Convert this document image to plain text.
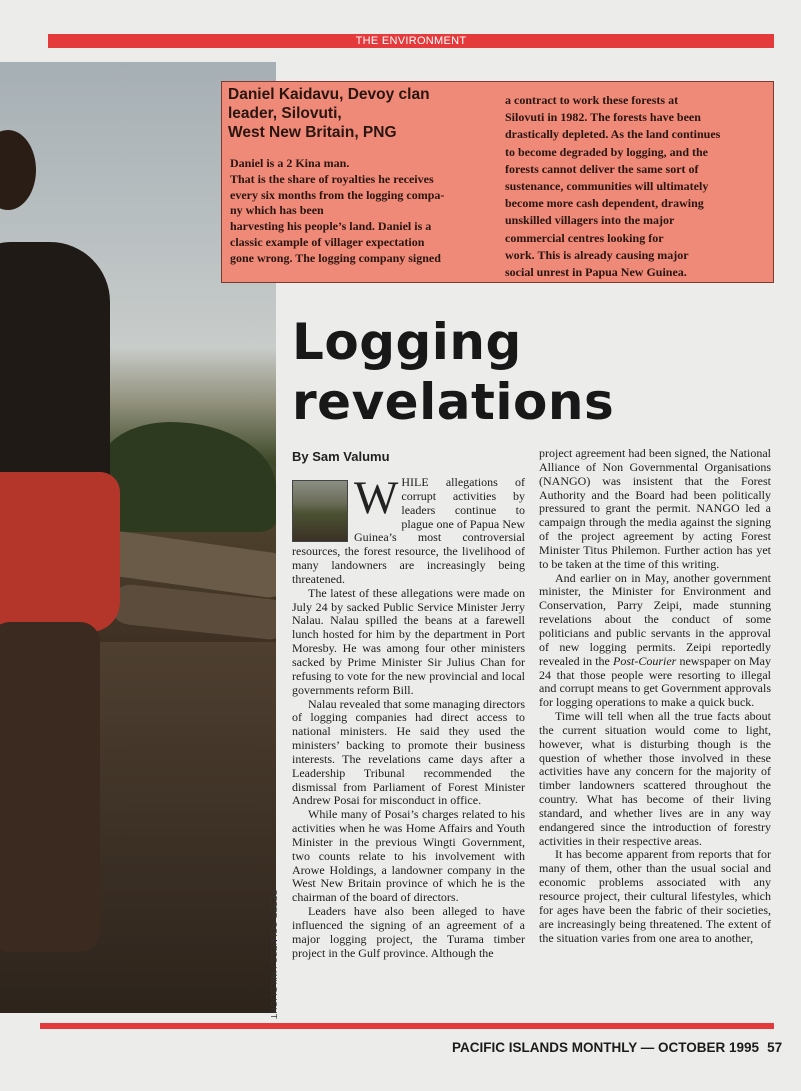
THE ENVIRONMENT
PETER SOLNESS / WILDLIGHT
Daniel Kaidavu, Devoy clan
leader, Silovuti,
West New Britain, PNG
Daniel is a 2 Kina man.
That is the share of royalties he receives
every six months from the logging compa-
ny which has been
harvesting his people’s land. Daniel is a
classic example of villager expectation
gone wrong. The logging company signed
a contract to work these forests at
Silovuti in 1982. The forests have been
drastically depleted. As the land continues
to become degraded by logging, and the
forests cannot deliver the same sort of
sustenance, communities will ultimately
become more cash dependent, drawing
unskilled villagers into the major
commercial centres looking for
work. This is already causing major
social unrest in Papua New Guinea.
Logging
revelations
By Sam Valumu

WHILE allegations of corrupt activities by leaders continue to plague one of Papua New Guinea’s most controversial resources, the forest resource, the livelihood of many landowners are increasingly being threatened.

The latest of these allegations were made on July 24 by sacked Public Service Minister Jerry Nalau. Nalau spilled the beans at a farewell lunch hosted for him by the department in Port Moresby. He was among four other ministers sacked by Prime Minister Sir Julius Chan for refusing to vote for the new provincial and local governments reform Bill.

Nalau revealed that some managing directors of logging companies had direct access to national ministers. He said they used the ministers’ backing to promote their business interests. The revelations came days after a Leadership Tribunal recommended the dismissal from Parliament of Forest Minister Andrew Posai for misconduct in office.

While many of Posai’s charges related to his activities when he was Home Affairs and Youth Minister in the previous Wingti Government, two counts relate to his involvement with Arowe Holdings, a landowner company in the West New Britain province of which he is the chairman of the board of directors.

Leaders have also been alleged to have influenced the signing of an agreement of a major logging project, the Turama timber project in the Gulf province. Although the

project agreement had been signed, the National Alliance of Non Governmental Organisations (NANGO) was insistent that the Forest Authority and the Board had been politically pressured to grant the permit. NANGO led a campaign through the media against the signing of the project agreement by acting Forest Minister Titus Philemon. Further action has yet to be taken at the time of this writing.

And earlier on in May, another government minister, the Minister for Environment and Conservation, Parry Zeipi, made stunning revelations about the conduct of some politicians and public servants in the approval of new logging permits. Zeipi reportedly revealed in the Post-Courier newspaper on May 24 that those people were resorting to illegal and corrupt means to get Government approvals for logging operations to make a quick buck.

Time will tell when all the true facts about the current situation would come to light, however, what is disturbing though is the question of whether those involved in these activities have any concern for the majority of timber landowners scattered throughout the country. What has become of their living standard, and whether lives are in any way endangered since the introduction of forestry activities in their respective areas.

It has become apparent from reports that for many of them, other than the usual social and economic problems associated with any resource project, their cultural lifestyles, which for ages have been the fabric of their societies, are increasingly being threatened. The extent of the situation varies from one area to another,

PACIFIC ISLANDS MONTHLY — OCTOBER 1995 57
